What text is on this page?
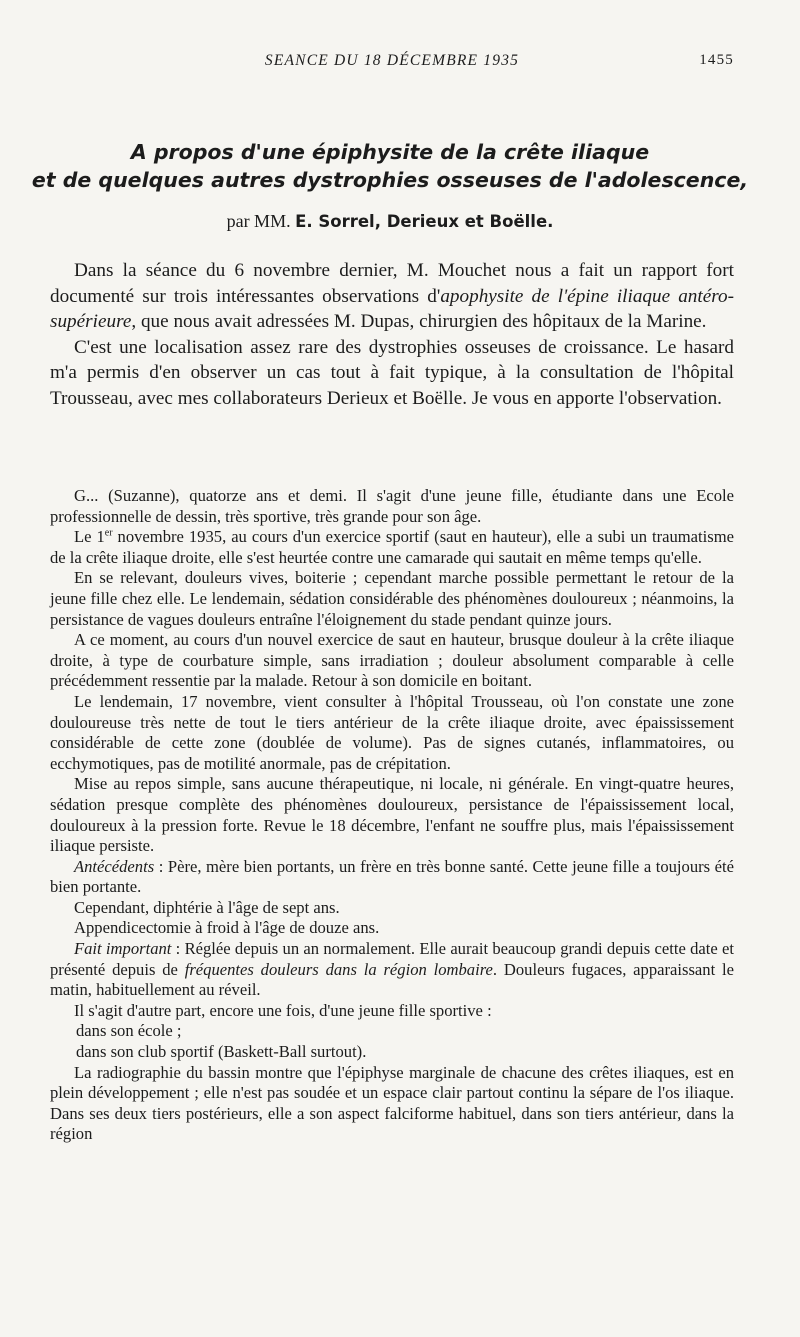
SEANCE DU 18 DÉCEMBRE 1935	1455
A propos d'une épiphysite de la crête iliaque
et de quelques autres dystrophies osseuses de l'adolescence,
par MM. E. Sorrel, Derieux et Boëlle.

Dans la séance du 6 novembre dernier, M. Mouchet nous a fait un rapport fort documenté sur trois intéressantes observations d'apophysite de l'épine iliaque antéro-supérieure, que nous avait adressées M. Dupas, chirurgien des hôpitaux de la Marine.

C'est une localisation assez rare des dystrophies osseuses de croissance. Le hasard m'a permis d'en observer un cas tout à fait typique, à la consultation de l'hôpital Trousseau, avec mes collaborateurs Derieux et Boëlle. Je vous en apporte l'observation.

G... (Suzanne), quatorze ans et demi. Il s'agit d'une jeune fille, étudiante dans une Ecole professionnelle de dessin, très sportive, très grande pour son âge.

Le 1er novembre 1935, au cours d'un exercice sportif (saut en hauteur), elle a subi un traumatisme de la crête iliaque droite, elle s'est heurtée contre une camarade qui sautait en même temps qu'elle.

En se relevant, douleurs vives, boiterie ; cependant marche possible permettant le retour de la jeune fille chez elle. Le lendemain, sédation considérable des phénomènes douloureux ; néanmoins, la persistance de vagues douleurs entraîne l'éloignement du stade pendant quinze jours.

A ce moment, au cours d'un nouvel exercice de saut en hauteur, brusque douleur à la crête iliaque droite, à type de courbature simple, sans irradiation ; douleur absolument comparable à celle précédemment ressentie par la malade. Retour à son domicile en boitant.

Le lendemain, 17 novembre, vient consulter à l'hôpital Trousseau, où l'on constate une zone douloureuse très nette de tout le tiers antérieur de la crête iliaque droite, avec épaississement considérable de cette zone (doublée de volume). Pas de signes cutanés, inflammatoires, ou ecchymotiques, pas de motilité anormale, pas de crépitation.

Mise au repos simple, sans aucune thérapeutique, ni locale, ni générale. En vingt-quatre heures, sédation presque complète des phénomènes douloureux, persistance de l'épaississement local, douloureux à la pression forte. Revue le 18 décembre, l'enfant ne souffre plus, mais l'épaississement iliaque persiste.

Antécédents : Père, mère bien portants, un frère en très bonne santé. Cette jeune fille a toujours été bien portante.

Cependant, diphtérie à l'âge de sept ans.

Appendicectomie à froid à l'âge de douze ans.

Fait important : Réglée depuis un an normalement. Elle aurait beaucoup grandi depuis cette date et présenté depuis de fréquentes douleurs dans la région lombaire. Douleurs fugaces, apparaissant le matin, habituellement au réveil.

Il s'agit d'autre part, encore une fois, d'une jeune fille sportive :

dans son école ;

dans son club sportif (Baskett-Ball surtout).

La radiographie du bassin montre que l'épiphyse marginale de chacune des crêtes iliaques, est en plein développement ; elle n'est pas soudée et un espace clair partout continu la sépare de l'os iliaque. Dans ses deux tiers postérieurs, elle a son aspect falciforme habituel, dans son tiers antérieur, dans la région
